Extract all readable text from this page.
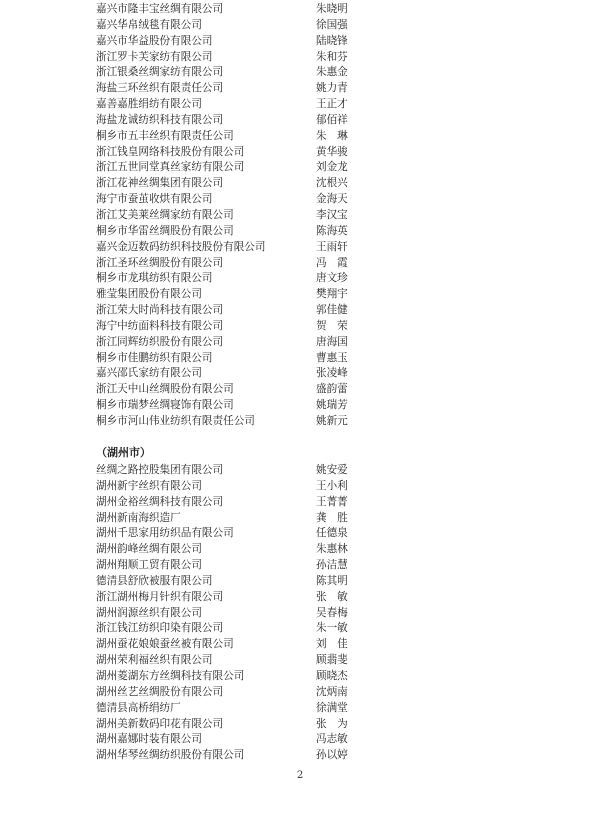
嘉兴市隆丰宝丝绸有限公司	朱晓明
嘉兴华帛绒毯有限公司	徐国强
嘉兴市华益股份有限公司	陆晓锋
浙江罗卡芙家纺有限公司	朱和芬
浙江银桑丝绸家纺有限公司	朱惠金
海盐三环丝织有限责任公司	姚力青
嘉善嘉胜绢纺有限公司	王正才
海盐龙诚纺织科技有限公司	郁佰祥
桐乡市五丰丝织有限责任公司	朱　琳
浙江钱皇网络科技股份有限公司	黄华骏
浙江五世同堂真丝家纺有限公司	刘金龙
浙江花神丝绸集团有限公司	沈根兴
海宁市蚕茧收烘有限公司	金海天
浙江艾美莱丝绸家纺有限公司	李汉宝
桐乡市华雷丝绸股份有限公司	陈海英
嘉兴金迈数码纺织科技股份有限公司	王雨轩
浙江圣环丝绸股份有限公司	冯　霞
桐乡市龙琪纺织有限公司	唐文珍
雅莹集团股份有限公司	樊翔宇
浙江荣大时尚科技有限公司	郭佳健
海宁中纺面料科技有限公司	贺　荣
浙江同辉纺织股份有限公司	唐海国
桐乡市佳鹏纺织有限公司	曹惠玉
嘉兴邵氏家纺有限公司	张凌峰
浙江天中山丝绸股份有限公司	盛韵蕾
桐乡市瑞梦丝绸寝饰有限公司	姚瑞芳
桐乡市河山伟业纺织有限责任公司	姚新元
（湖州市）
丝绸之路控股集团有限公司	姚安爱
湖州新宇丝织有限公司	王小利
湖州金裕丝绸科技有限公司	王菁菁
湖州新南海织造厂	龚　胜
湖州千思家用纺织品有限公司	任德泉
湖州韵峰丝绸有限公司	朱惠林
湖州翔顺工贸有限公司	孙洁慧
德清县舒欣被服有限公司	陈其明
浙江湖州梅月针织有限公司	张　敏
湖州润源丝织有限公司	吴春梅
浙江钱江纺织印染有限公司	朱一敏
湖州蚕花娘娘蚕丝被有限公司	刘　佳
湖州荣利福丝织有限公司	顾翡斐
湖州菱湖东方丝绸科技有限公司	顾晓杰
湖州丝艺丝绸股份有限公司	沈炳南
德清县高桥绢纺厂	徐满堂
湖州美新数码印花有限公司	张　为
湖州嘉娜时装有限公司	冯志敏
湖州华琴丝绸纺织股份有限公司	孙以婷
2
